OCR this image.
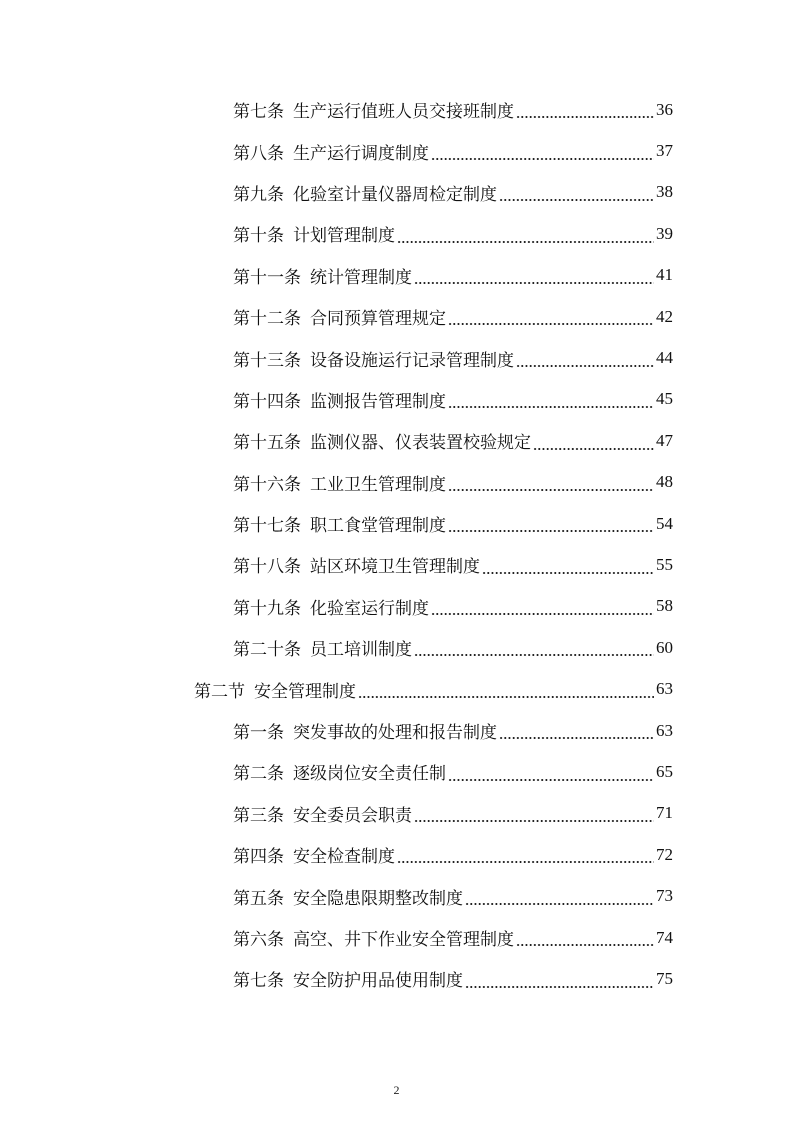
第七条 生产运行值班人员交接班制度	36
第八条 生产运行调度制度	37
第九条 化验室计量仪器周检定制度	38
第十条 计划管理制度	39
第十一条 统计管理制度	41
第十二条 合同预算管理规定	42
第十三条 设备设施运行记录管理制度	44
第十四条 监测报告管理制度	45
第十五条 监测仪器、仪表装置校验规定	47
第十六条 工业卫生管理制度	48
第十七条 职工食堂管理制度	54
第十八条 站区环境卫生管理制度	55
第十九条 化验室运行制度	58
第二十条 员工培训制度	60
第二节 安全管理制度	63
第一条 突发事故的处理和报告制度	63
第二条 逐级岗位安全责任制	65
第三条 安全委员会职责	71
第四条 安全检查制度	72
第五条 安全隐患限期整改制度	73
第六条 高空、井下作业安全管理制度	74
第七条 安全防护用品使用制度	75
2
